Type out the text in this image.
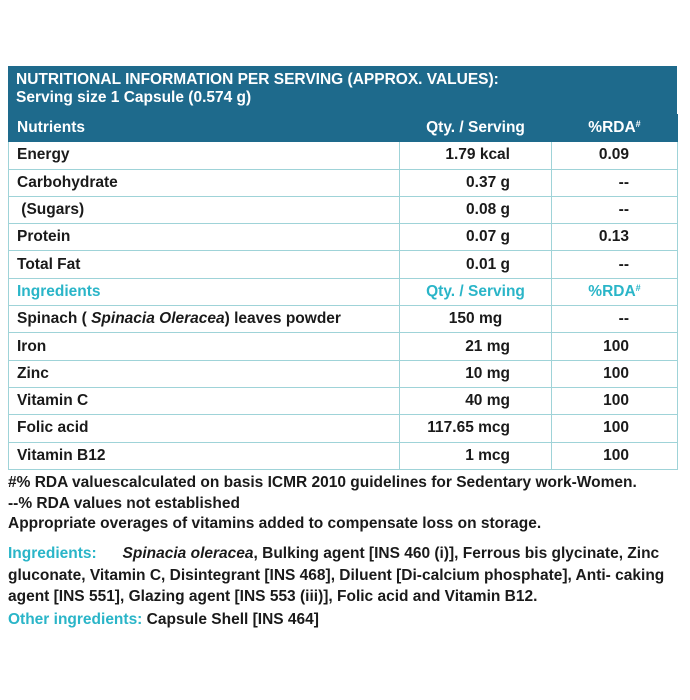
NUTRITIONAL INFORMATION PER SERVING (APPROX. VALUES):
Serving size 1 Capsule (0.574 g)
Nutrients	Qty. / Serving	%RDA#
Energy	1.79 kcal	0.09
Carbohydrate	0.37 g	--
(Sugars)	0.08 g	--
Protein	0.07 g	0.13
Total Fat	0.01 g	--
Ingredients	Qty. / Serving	%RDA#
Spinach ( Spinacia Oleracea) leaves powder	150 mg	--
Iron	21 mg	100
Zinc	10 mg	100
Vitamin C	40 mg	100
Folic acid	117.65 mcg	100
Vitamin B12	1 mcg	100

#% RDA valuescalculated on basis ICMR 2010 guidelines for Sedentary work-Women.

--% RDA values not established

Appropriate overages of vitamins added to compensate loss on storage.

Ingredients: Spinacia oleracea, Bulking agent [INS 460 (i)], Ferrous bis glycinate, Zinc gluconate, Vitamin C, Disintegrant [INS 468], Diluent [Di-calcium phosphate], Anti- caking agent [INS 551], Glazing agent [INS 553 (iii)], Folic acid and Vitamin B12.
Other ingredients: Capsule Shell [INS 464]
